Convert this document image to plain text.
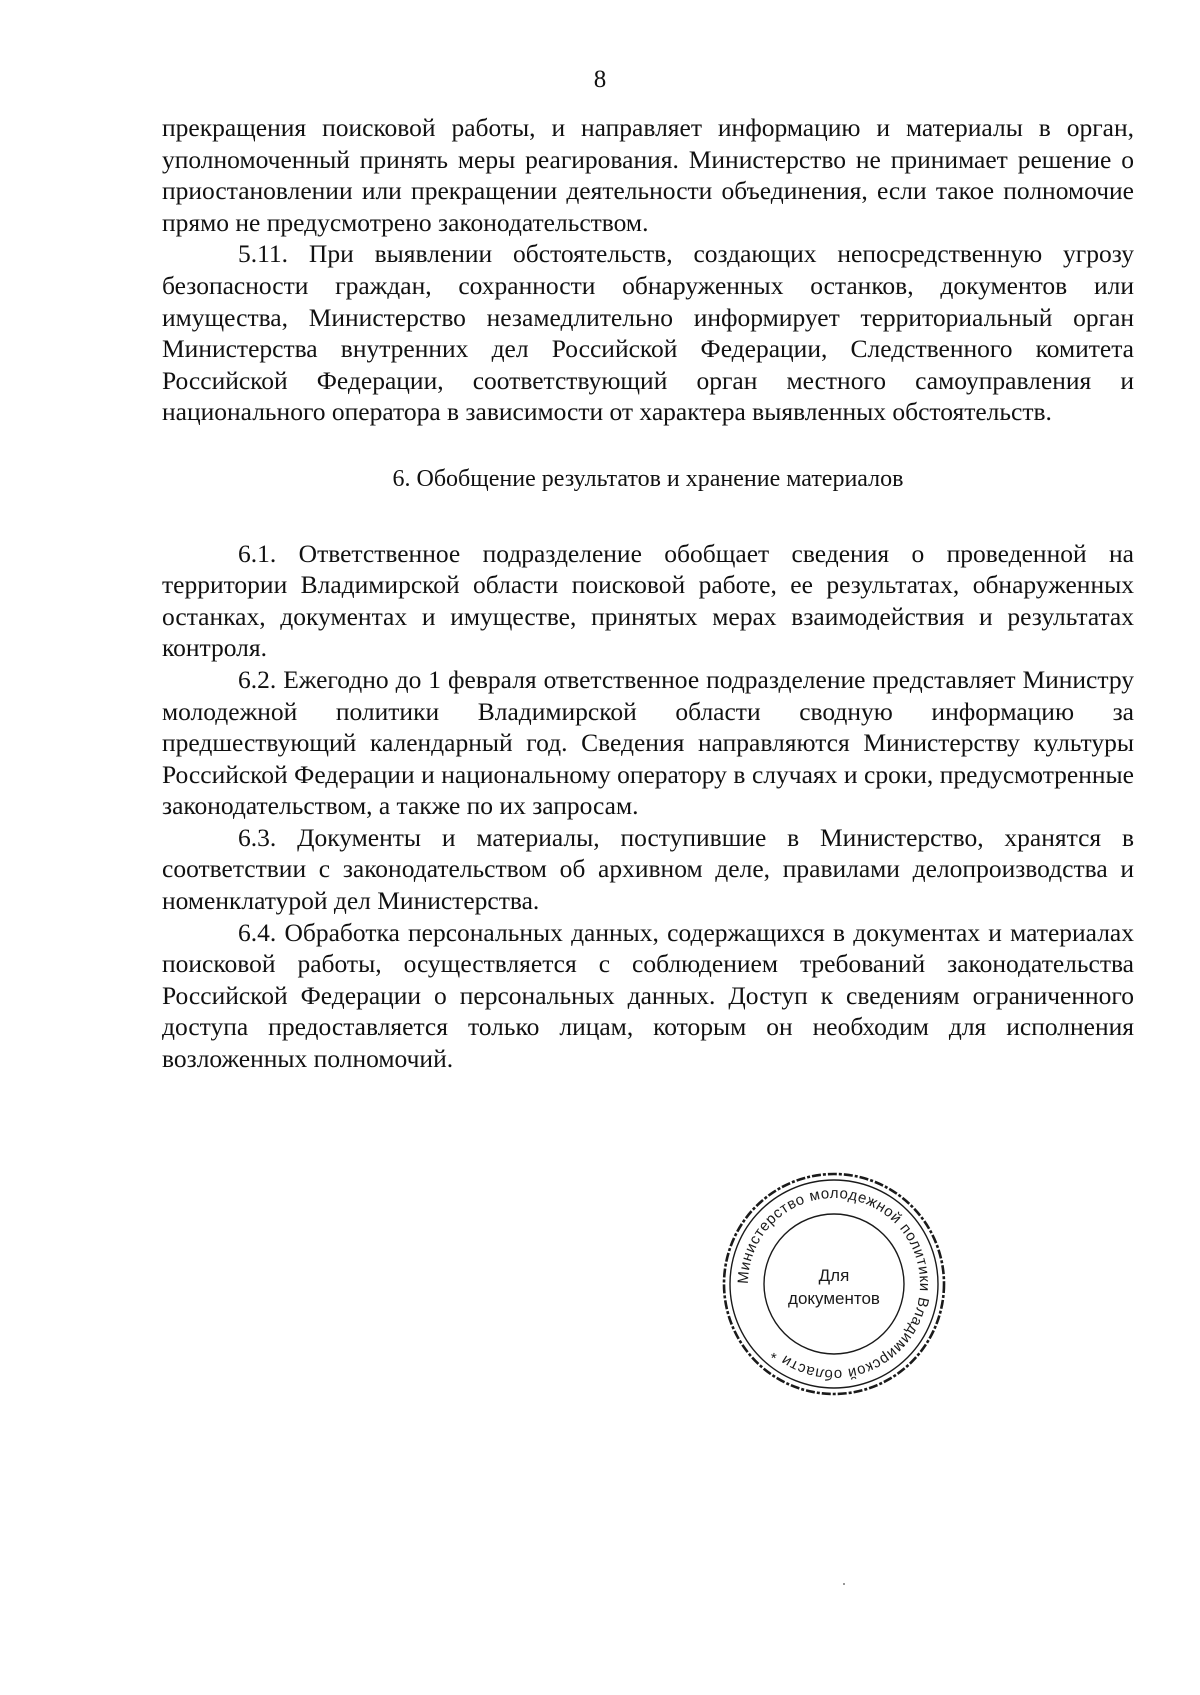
8

прекращения поисковой работы, и направляет информацию и материалы в орган, уполномоченный принять меры реагирования. Министерство не принимает решение о приостановлении или прекращении деятельности объединения, если такое полномочие прямо не предусмотрено законодательством.

5.11. При выявлении обстоятельств, создающих непосредственную угрозу безопасности граждан, сохранности обнаруженных останков, документов или имущества, Министерство незамедлительно информирует территориальный орган Министерства внутренних дел Российской Федерации, Следственного комитета Российской Федерации, соответствующий орган местного самоуправления и национального оператора в зависимости от характера выявленных обстоятельств.

6. Обобщение результатов и хранение материалов

6.1. Ответственное подразделение обобщает сведения о проведенной на территории Владимирской области поисковой работе, ее результатах, обнаруженных останках, документах и имуществе, принятых мерах взаимодействия и результатах контроля.

6.2. Ежегодно до 1 февраля ответственное подразделение представляет Министру молодежной политики Владимирской области сводную информацию за предшествующий календарный год. Сведения направляются Министерству культуры Российской Федерации и национальному оператору в случаях и сроки, предусмотренные законодательством, а также по их запросам.

6.3. Документы и материалы, поступившие в Министерство, хранятся в соответствии с законодательством об архивном деле, правилами делопроизводства и номенклатурой дел Министерства.

6.4. Обработка персональных данных, содержащихся в документах и материалах поисковой работы, осуществляется с соблюдением требований законодательства Российской Федерации о персональных данных. Доступ к сведениям ограниченного доступа предоставляется только лицам, которым он необходим для исполнения возложенных полномочий.

Министерство молодежной политики Владимирской области *
Для
документов
